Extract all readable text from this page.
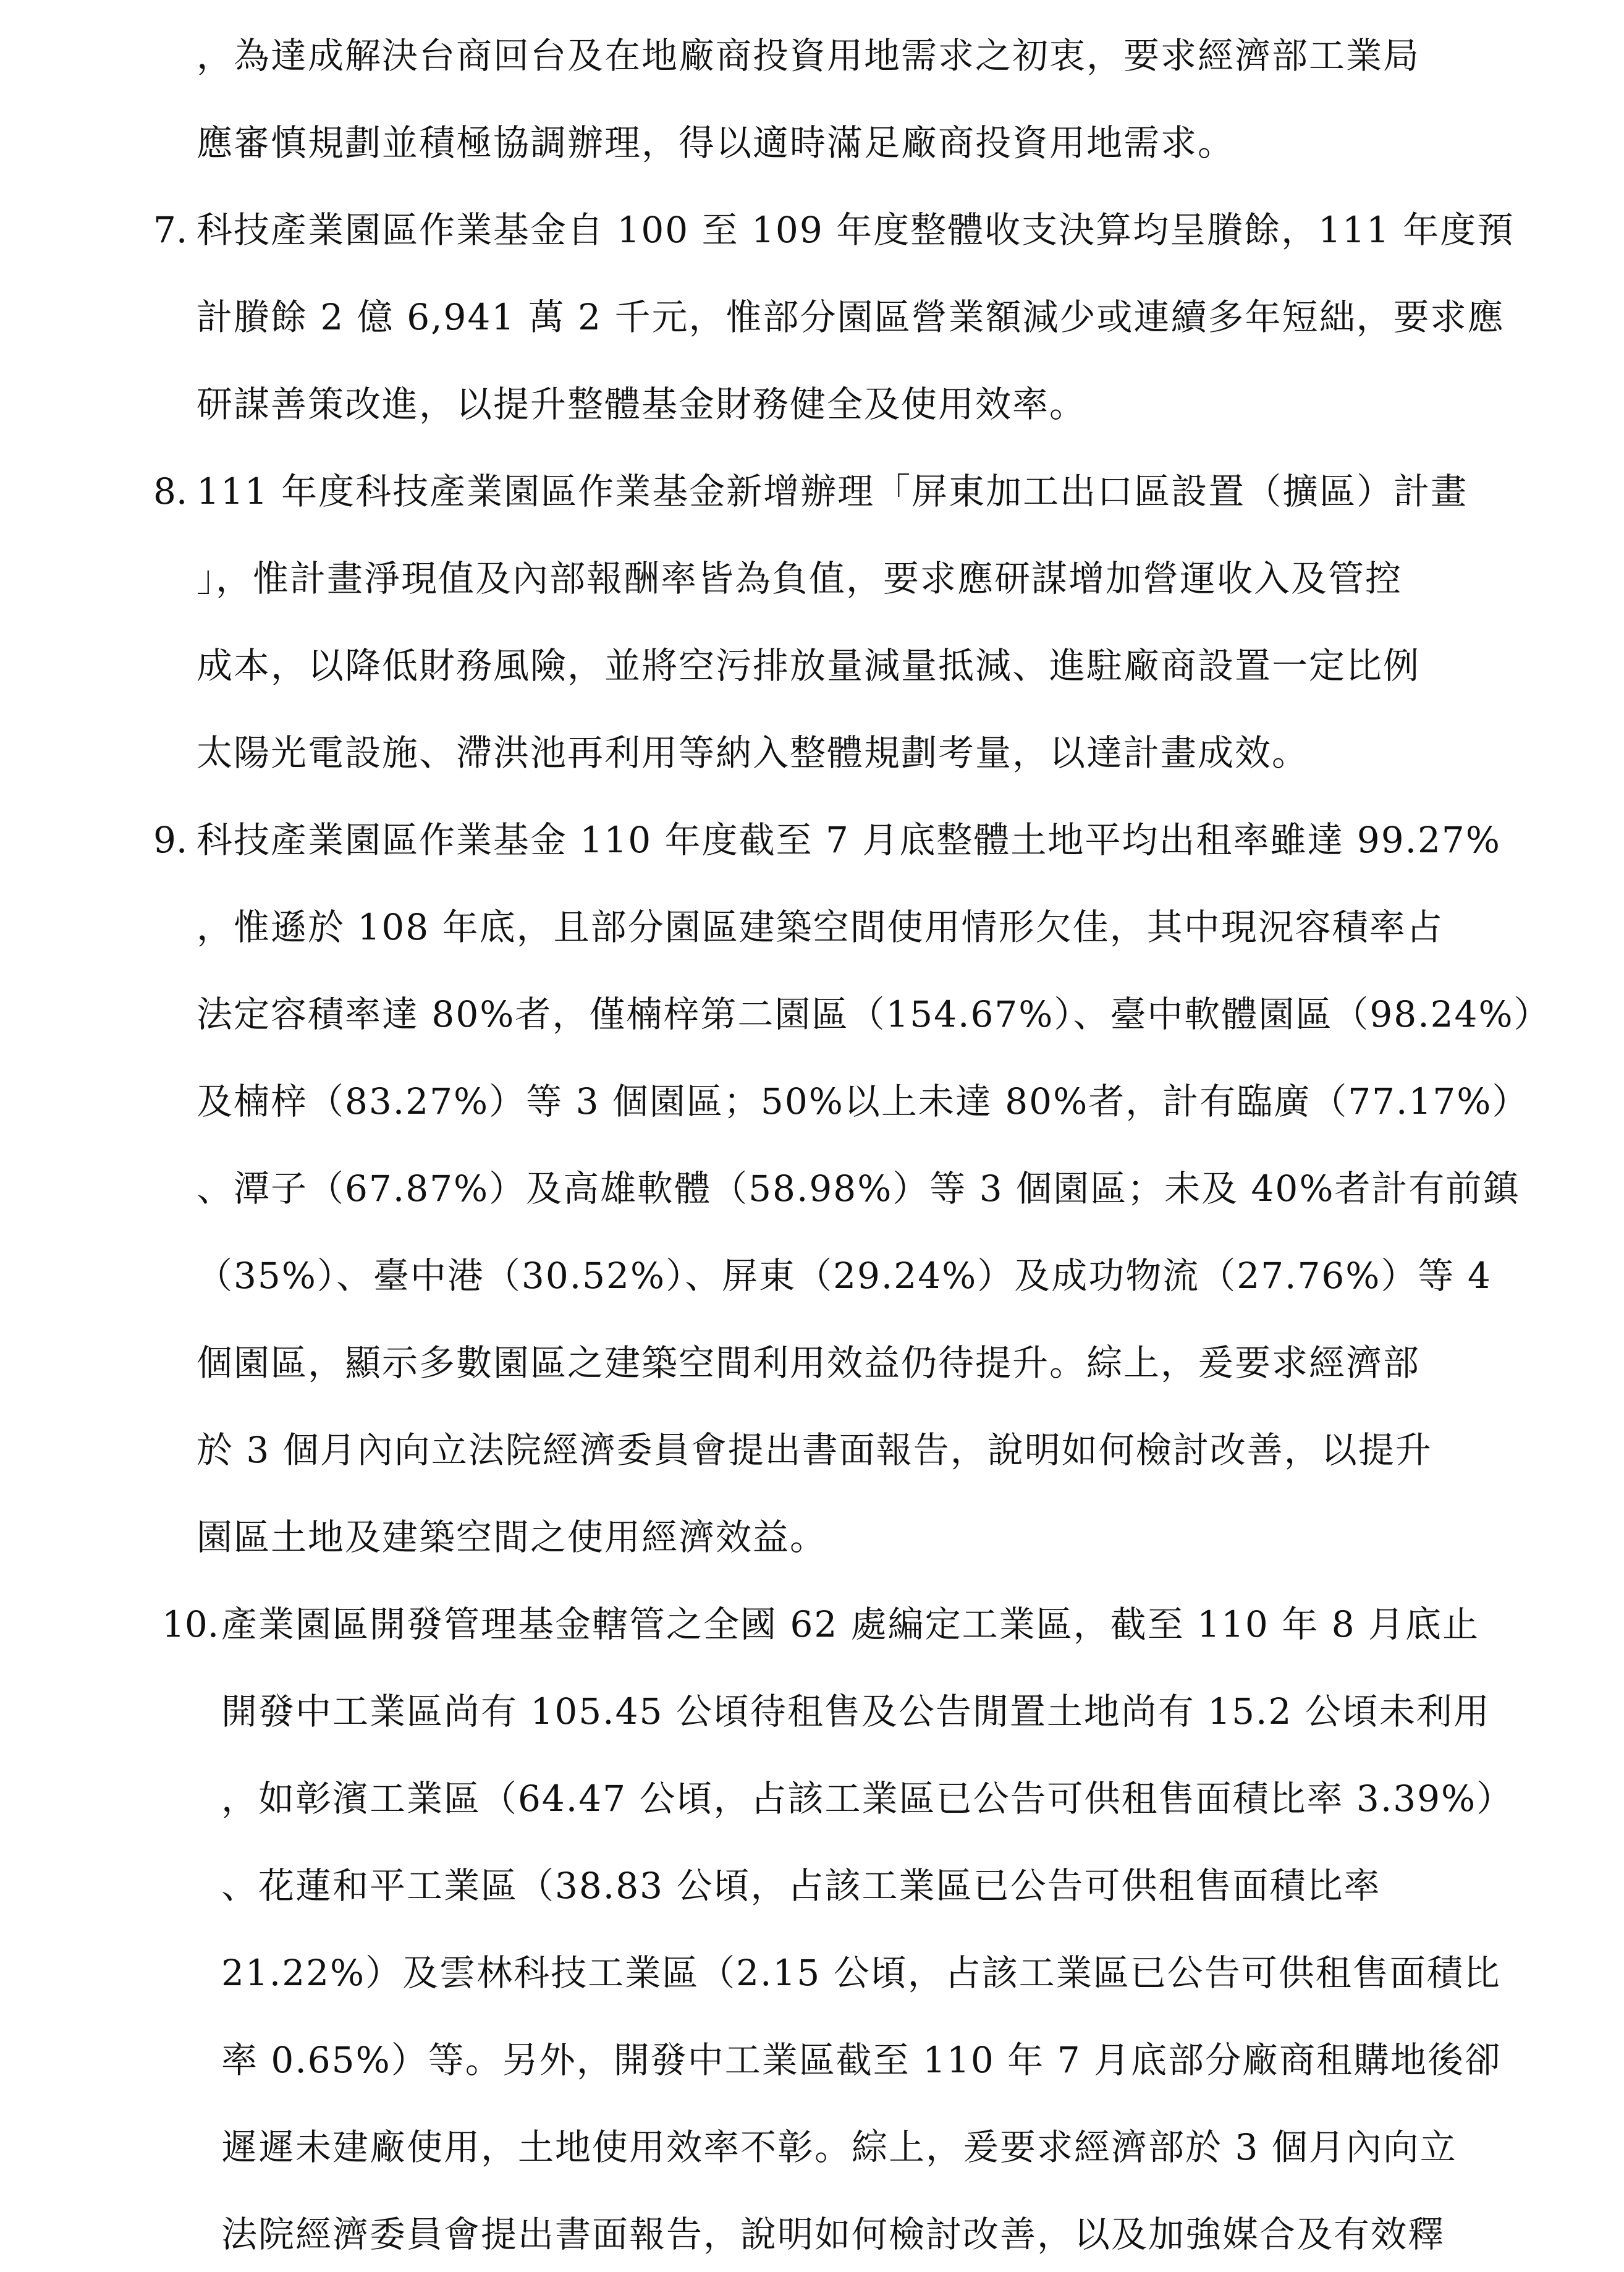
，為達成解決台商回台及在地廠商投資用地需求之初衷，要求經濟部工業局
應審慎規劃並積極協調辦理，得以適時滿足廠商投資用地需求。
7. 科技產業園區作業基金自 100 至 109 年度整體收支決算均呈賸餘，111 年度預
計賸餘 2 億 6,941 萬 2 千元，惟部分園區營業額減少或連續多年短絀，要求應
研謀善策改進，以提升整體基金財務健全及使用效率。
8. 111 年度科技產業園區作業基金新增辦理「屏東加工出口區設置（擴區）計畫
」，惟計畫淨現值及內部報酬率皆為負值，要求應研謀增加營運收入及管控
成本，以降低財務風險，並將空污排放量減量抵減、進駐廠商設置一定比例
太陽光電設施、滯洪池再利用等納入整體規劃考量，以達計畫成效。
9. 科技產業園區作業基金 110 年度截至 7 月底整體土地平均出租率雖達 99.27%
，惟遜於 108 年底，且部分園區建築空間使用情形欠佳，其中現況容積率占
法定容積率達 80%者，僅楠梓第二園區（154.67%）、臺中軟體園區（98.24%）
及楠梓（83.27%）等 3 個園區；50%以上未達 80%者，計有臨廣（77.17%）
、潭子（67.87%）及高雄軟體（58.98%）等 3 個園區；未及 40%者計有前鎮
（35%）、臺中港（30.52%）、屏東（29.24%）及成功物流（27.76%）等 4
個園區，顯示多數園區之建築空間利用效益仍待提升。綜上，爰要求經濟部
於 3 個月內向立法院經濟委員會提出書面報告，說明如何檢討改善，以提升
園區土地及建築空間之使用經濟效益。
10. 產業園區開發管理基金轄管之全國 62 處編定工業區，截至 110 年 8 月底止
開發中工業區尚有 105.45 公頃待租售及公告閒置土地尚有 15.2 公頃未利用
，如彰濱工業區（64.47 公頃，占該工業區已公告可供租售面積比率 3.39%）
、花蓮和平工業區（38.83 公頃，占該工業區已公告可供租售面積比率
21.22%）及雲林科技工業區（2.15 公頃，占該工業區已公告可供租售面積比
率 0.65%）等。另外，開發中工業區截至 110 年 7 月底部分廠商租購地後卻
遲遲未建廠使用，土地使用效率不彰。綜上，爰要求經濟部於 3 個月內向立
法院經濟委員會提出書面報告，說明如何檢討改善，以及加強媒合及有效釋
